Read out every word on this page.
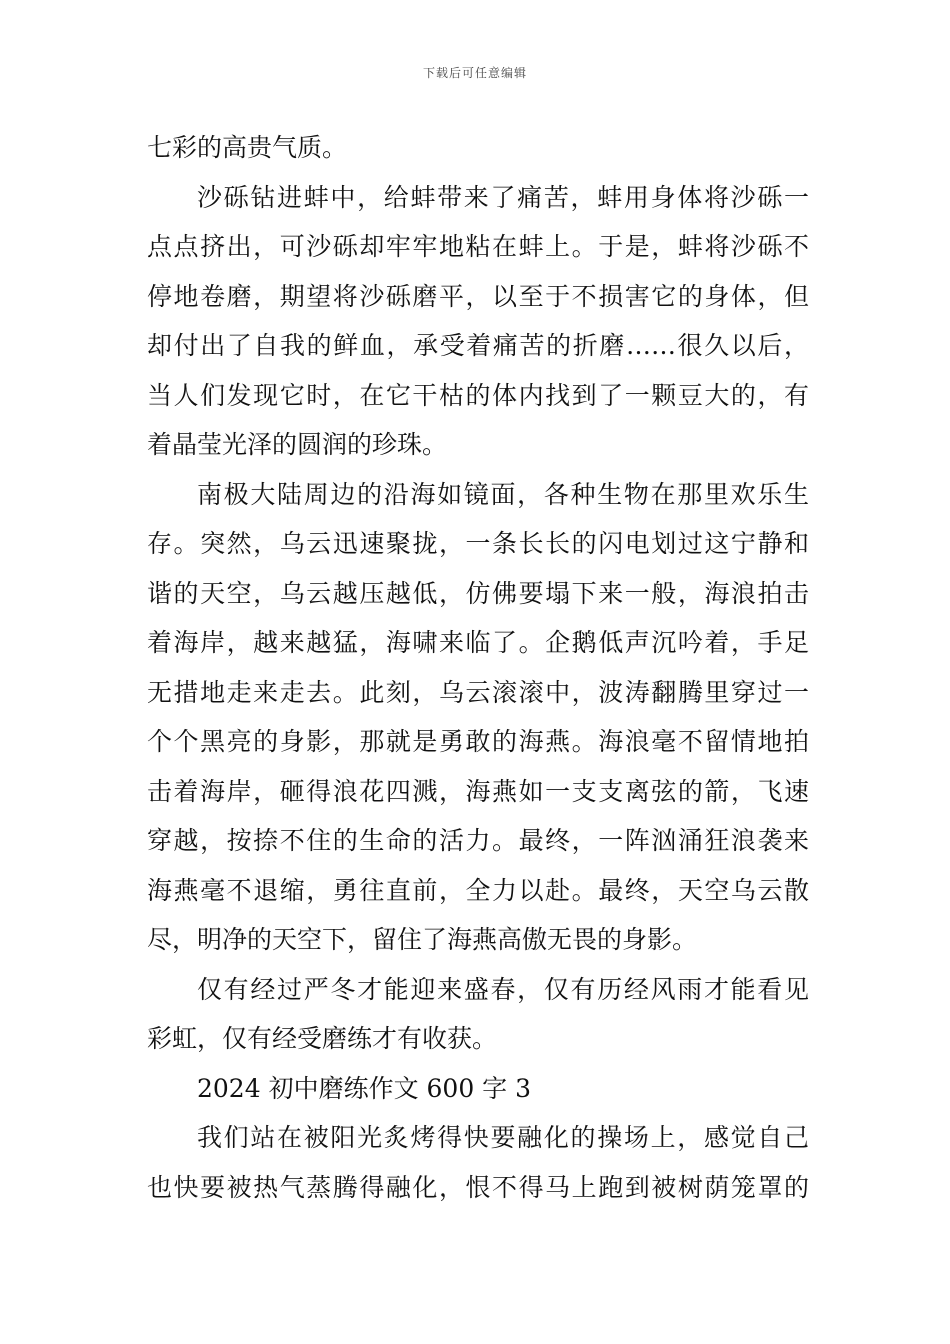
下载后可任意编辑
七彩的高贵气质。
沙砾钻进蚌中，给蚌带来了痛苦，蚌用身体将沙砾一
点点挤出，可沙砾却牢牢地粘在蚌上。于是，蚌将沙砾不
停地卷磨，期望将沙砾磨平，以至于不损害它的身体，但
却付出了自我的鲜血，承受着痛苦的折磨……很久以后，
当人们发现它时，在它干枯的体内找到了一颗豆大的，有
着晶莹光泽的圆润的珍珠。
南极大陆周边的沿海如镜面，各种生物在那里欢乐生
存。突然，乌云迅速聚拢，一条长长的闪电划过这宁静和
谐的天空，乌云越压越低，仿佛要塌下来一般，海浪拍击
着海岸，越来越猛，海啸来临了。企鹅低声沉吟着，手足
无措地走来走去。此刻，乌云滚滚中，波涛翻腾里穿过一
个个黑亮的身影，那就是勇敢的海燕。海浪毫不留情地拍
击着海岸，砸得浪花四溅，海燕如一支支离弦的箭，飞速
穿越，按捺不住的生命的活力。最终，一阵汹涌狂浪袭来
海燕毫不退缩，勇往直前，全力以赴。最终，天空乌云散
尽，明净的天空下，留住了海燕高傲无畏的身影。
仅有经过严冬才能迎来盛春，仅有历经风雨才能看见
彩虹，仅有经受磨练才有收获。
2024 初中磨练作文 600 字 3
我们站在被阳光炙烤得快要融化的操场上，感觉自己
也快要被热气蒸腾得融化，恨不得马上跑到被树荫笼罩的
